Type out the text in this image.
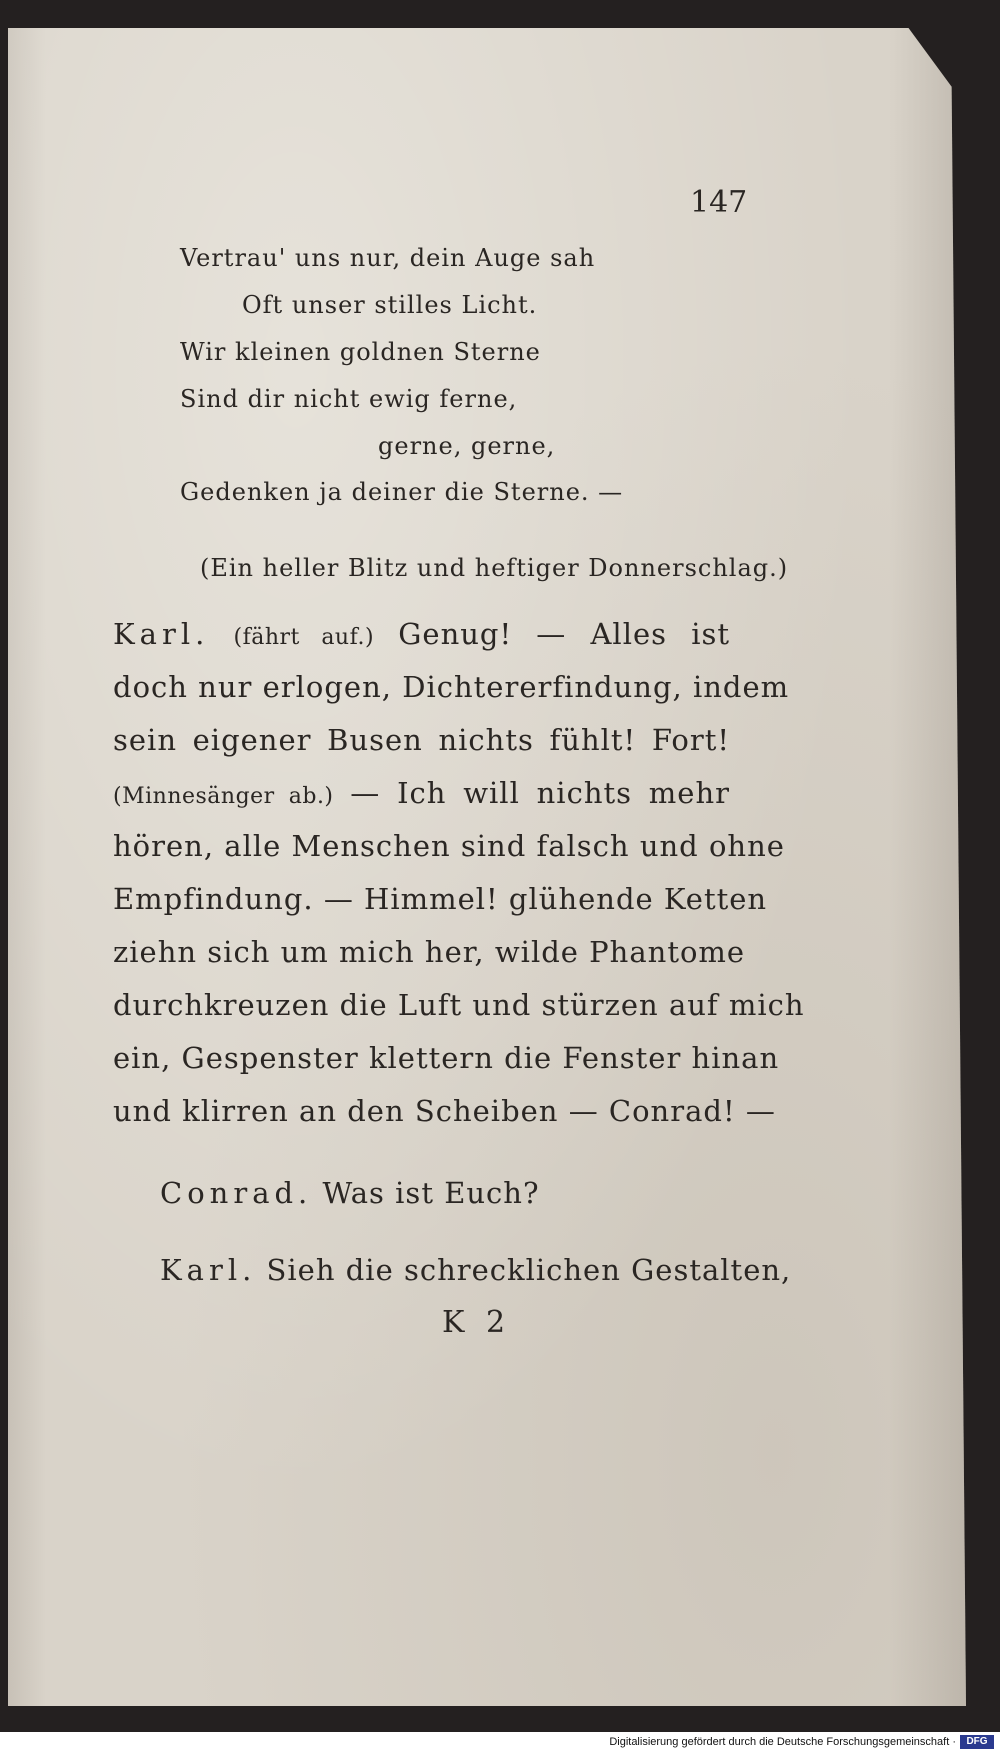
147
Vertrau' uns nur, dein Auge sah
Oft unser stilles Licht.
Wir kleinen goldnen Sterne
Sind dir nicht ewig ferne,
gerne, gerne,
Gedenken ja deiner die Sterne. —
(Ein heller Blitz und heftiger Donnerschlag.)
Karl. (fährt auf.) Genug! — Alles ist
doch nur erlogen, Dichtererfindung, indem
sein eigener Busen nichts fühlt! Fort!
(Minnesänger ab.) — Ich will nichts mehr
hören, alle Menschen sind falsch und ohne
Empfindung. — Himmel! glühende Ketten
ziehn sich um mich her, wilde Phantome
durchkreuzen die Luft und stürzen auf mich
ein, Gespenster klettern die Fenster hinan
und klirren an den Scheiben — Conrad! —
Conrad. Was ist Euch?
Karl. Sieh die schrecklichen Gestalten,
K 2
Digitalisierung gefördert durch die Deutsche Forschungsgemeinschaft ·	DFG
